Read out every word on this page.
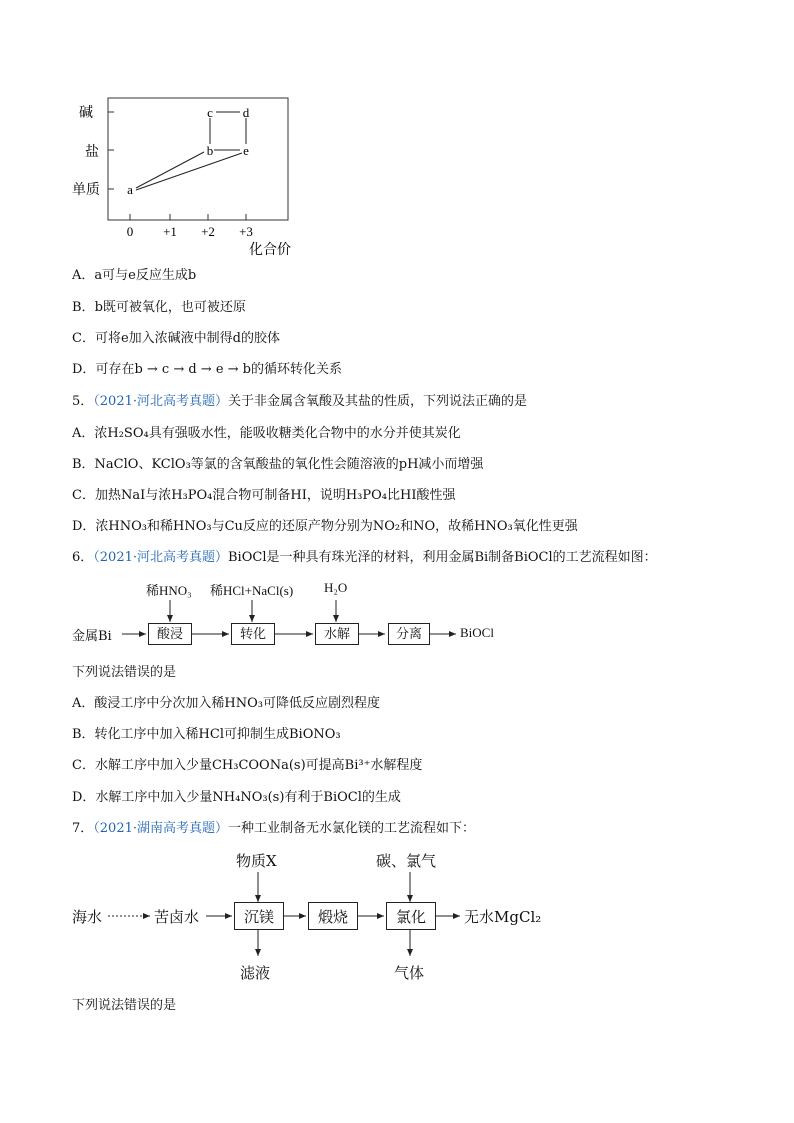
碱
盐
单质
0 +1 +2 +3
化合价
a
b
c d
e
A．a可与e反应生成b
B．b既可被氧化，也可被还原
C．可将e加入浓碱液中制得d的胶体
D．可存在b → c → d → e → b的循环转化关系
5．（2021·河北高考真题）关于非金属含氧酸及其盐的性质，下列说法正确的是
A．浓H₂SO₄具有强吸水性，能吸收糖类化合物中的水分并使其炭化
B．NaClO、KClO₃等氯的含氧酸盐的氧化性会随溶液的pH减小而增强
C．加热NaI与浓H₃PO₄混合物可制备HI，说明H₃PO₄比HI酸性强
D．浓HNO₃和稀HNO₃与Cu反应的还原产物分别为NO₂和NO，故稀HNO₃氧化性更强
6．（2021·河北高考真题）BiOCl是一种具有珠光泽的材料，利用金属Bi制备BiOCl的工艺流程如图：
金属Bi	酸浸	转化	水解	分离	BiOCl
稀HNO₃ 稀HCl+NaCl(s) H₂O
下列说法错误的是
A．酸浸工序中分次加入稀HNO₃可降低反应剧烈程度
B．转化工序中加入稀HCl可抑制生成BiONO₃
C．水解工序中加入少量CH₃COONa(s)可提高Bi³⁺水解程度
D．水解工序中加入少量NH₄NO₃(s)有利于BiOCl的生成
7．（2021·湖南高考真题）一种工业制备无水氯化镁的工艺流程如下：
海水	苦卤水	沉镁	煅烧	氯化	无水MgCl₂
物质X	碳、氯气
滤液	气体
下列说法错误的是
